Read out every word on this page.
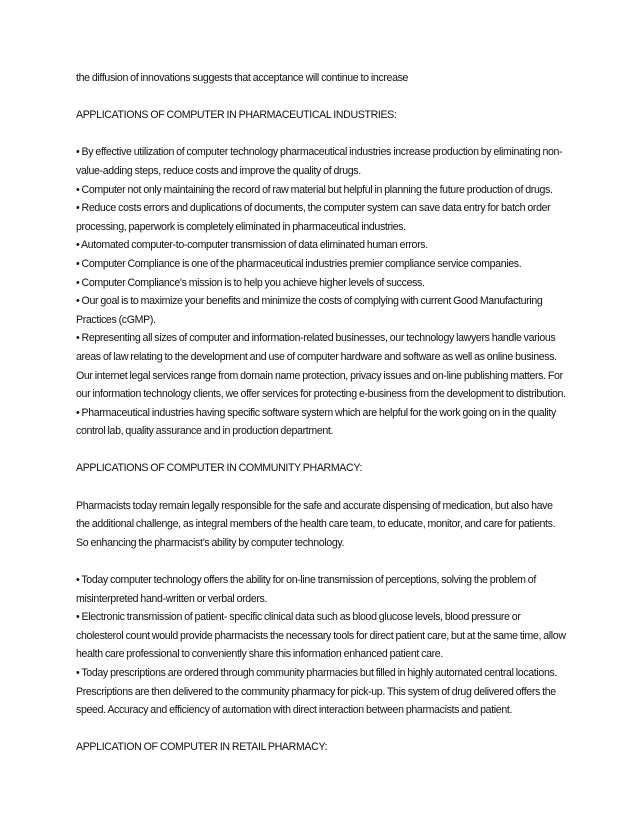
the diffusion of innovations suggests that acceptance will continue to increase

APPLICATIONS OF COMPUTER IN PHARMACEUTICAL INDUSTRIES:

• By effective utilization of computer technology pharmaceutical industries increase production by eliminating non-value-adding steps, reduce costs and improve the quality of drugs.

• Computer not only maintaining the record of raw material but helpful in planning the future production of drugs.

• Reduce costs errors and duplications of documents, the computer system can save data entry for batch order processing, paperwork is completely eliminated in pharmaceutical industries.

• Automated computer-to-computer transmission of data eliminated human errors.

• Computer Compliance is one of the pharmaceutical industries premier compliance service companies.

• Computer Compliance's mission is to help you achieve higher levels of success.

• Our goal is to maximize your benefits and minimize the costs of complying with current Good Manufacturing Practices (cGMP).

• Representing all sizes of computer and information-related businesses, our technology lawyers handle various areas of law relating to the development and use of computer hardware and software as well as online business. Our internet legal services range from domain name protection, privacy issues and on-line publishing matters. For our information technology clients, we offer services for protecting e-business from the development to distribution.

• Pharmaceutical industries having specific software system which are helpful for the work going on in the quality control lab, quality assurance and in production department.

APPLICATIONS OF COMPUTER IN COMMUNITY PHARMACY:

Pharmacists today remain legally responsible for the safe and accurate dispensing of medication, but also have the additional challenge, as integral members of the health care team, to educate, monitor, and care for patients.

So enhancing the pharmacist’s ability by computer technology.

• Today computer technology offers the ability for on-line transmission of perceptions, solving the problem of misinterpreted hand-written or verbal orders.

• Electronic transmission of patient- specific clinical data such as blood glucose levels, blood pressure or cholesterol count would provide pharmacists the necessary tools for direct patient care, but at the same time, allow health care professional to conveniently share this information enhanced patient care.

• Today prescriptions are ordered through community pharmacies but filled in highly automated central locations. Prescriptions are then delivered to the community pharmacy for pick-up. This system of drug delivered offers the speed. Accuracy and efficiency of automation with direct interaction between pharmacists and patient.

APPLICATION OF COMPUTER IN RETAIL PHARMACY:
